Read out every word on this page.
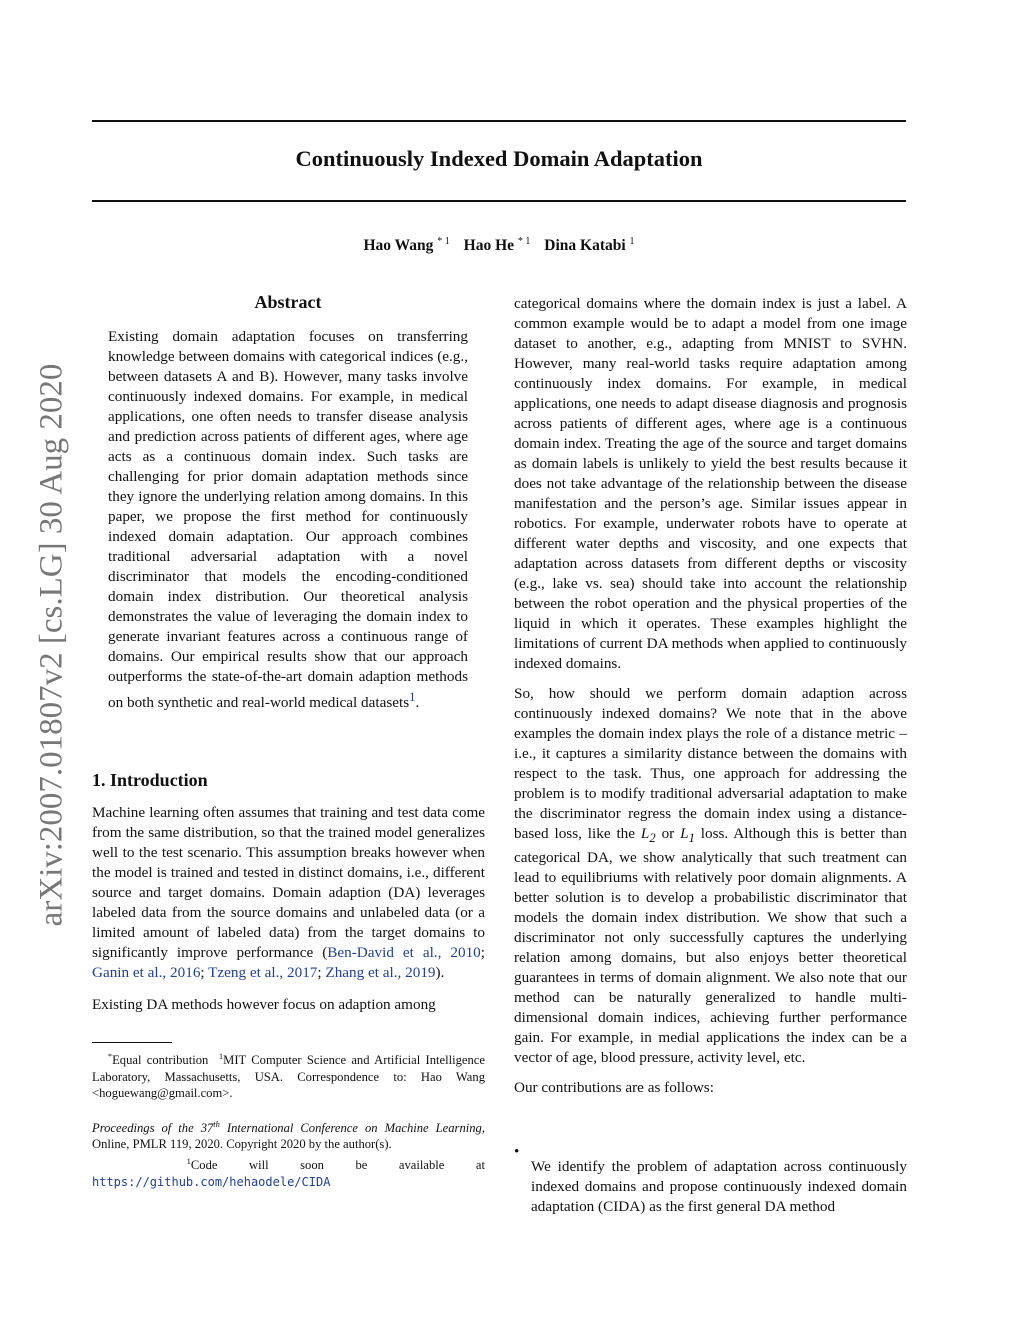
Continuously Indexed Domain Adaptation
Hao Wang $^{* 1}$ Hao He $^{* 1}$ Dina Katabi $^1$
arXiv:2007.01807v2 [cs.LG] 30 Aug 2020
Abstract

Existing domain adaptation focuses on transferring knowledge between domains with categorical indices (e.g., between datasets A and B). However, many tasks involve continuously indexed domains. For example, in medical applications, one often needs to transfer disease analysis and prediction across patients of different ages, where age acts as a continuous domain index. Such tasks are challenging for prior domain adaptation methods since they ignore the underlying relation among domains. In this paper, we propose the first method for continuously indexed domain adaptation. Our approach combines traditional adversarial adaptation with a novel discriminator that models the encoding-conditioned domain index distribution. Our theoretical analysis demonstrates the value of leveraging the domain index to generate invariant features across a continuous range of domains. Our empirical results show that our approach outperforms the state-of-the-art domain adaption methods on both synthetic and real-world medical datasets$^1$.

1. Introduction

Machine learning often assumes that training and test data come from the same distribution, so that the trained model generalizes well to the test scenario. This assumption breaks however when the model is trained and tested in distinct domains, i.e., different source and target domains. Domain adaption (DA) leverages labeled data from the source domains and unlabeled data (or a limited amount of labeled data) from the target domains to significantly improve performance (Ben-David et al., 2010; Ganin et al., 2016; Tzeng et al., 2017; Zhang et al., 2019).

Existing DA methods however focus on adaption among

*Equal contribution  $^1$MIT Computer Science and Artificial Intelligence Laboratory, Massachusetts, USA. Correspondence to: Hao Wang <hoguewang@gmail.com>.

Proceedings of the 37th International Conference on Machine Learning, Online, PMLR 119, 2020. Copyright 2020 by the author(s).

$^1$Code will soon be available at https://github.com/hehaodele/CIDA

categorical domains where the domain index is just a label. A common example would be to adapt a model from one image dataset to another, e.g., adapting from MNIST to SVHN. However, many real-world tasks require adaptation among continuously index domains. For example, in medical applications, one needs to adapt disease diagnosis and prognosis across patients of different ages, where age is a continuous domain index. Treating the age of the source and target domains as domain labels is unlikely to yield the best results because it does not take advantage of the relationship between the disease manifestation and the person’s age. Similar issues appear in robotics. For example, underwater robots have to operate at different water depths and viscosity, and one expects that adaptation across datasets from different depths or viscosity (e.g., lake vs. sea) should take into account the relationship between the robot operation and the physical properties of the liquid in which it operates. These examples highlight the limitations of current DA methods when applied to continuously indexed domains.

So, how should we perform domain adaption across continuously indexed domains? We note that in the above examples the domain index plays the role of a distance metric – i.e., it captures a similarity distance between the domains with respect to the task. Thus, one approach for addressing the problem is to modify traditional adversarial adaptation to make the discriminator regress the domain index using a distance-based loss, like the $L_2$ or $L_1$ loss. Although this is better than categorical DA, we show analytically that such treatment can lead to equilibriums with relatively poor domain alignments. A better solution is to develop a probabilistic discriminator that models the domain index distribution. We show that such a discriminator not only successfully captures the underlying relation among domains, but also enjoys better theoretical guarantees in terms of domain alignment. We also note that our method can be naturally generalized to handle multi-dimensional domain indices, achieving further performance gain. For example, in medial applications the index can be a vector of age, blood pressure, activity level, etc.

Our contributions are as follows:

•

We identify the problem of adaptation across continuously indexed domains and propose continuously indexed domain adaptation (CIDA) as the first general DA method
